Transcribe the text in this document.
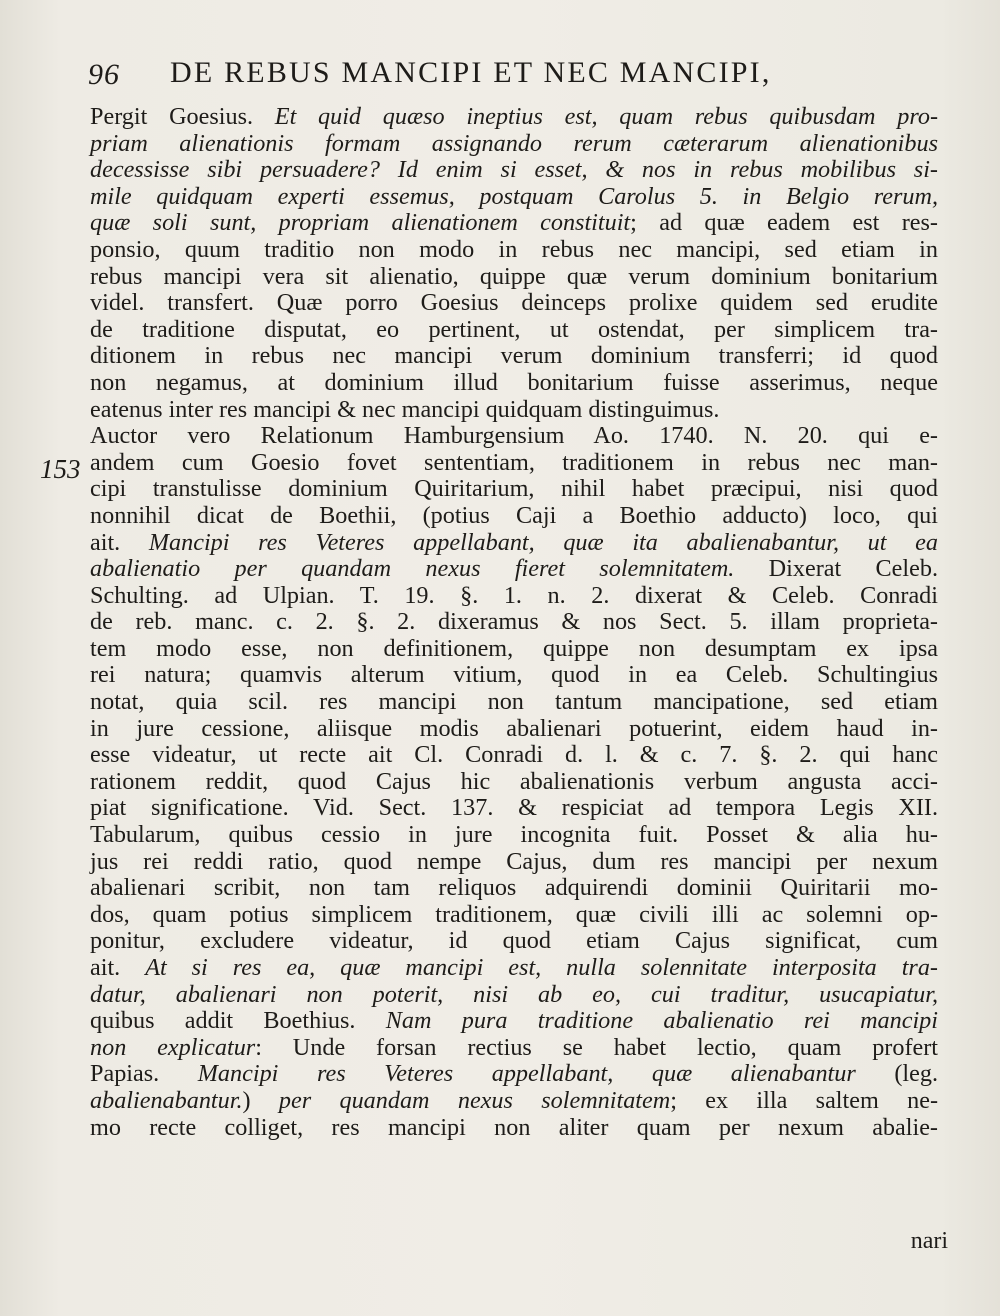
96 DE REBUS MANCIPI ET NEC MANCIPI,
153
Pergit Goesius. Et quid quæso ineptius est, quam rebus quibusdam pro-
priam alienationis formam assignando rerum cæterarum alienationibus
decessisse sibi persuadere? Id enim si esset, & nos in rebus mobilibus si-
mile quidquam experti essemus, postquam Carolus 5. in Belgio rerum,
quæ soli sunt, propriam alienationem constituit; ad quæ eadem est res-
ponsio, quum traditio non modo in rebus nec mancipi, sed etiam in
rebus mancipi vera sit alienatio, quippe quæ verum dominium bonitarium
videl. transfert. Quæ porro Goesius deinceps prolixe quidem sed erudite
de traditione disputat, eo pertinent, ut ostendat, per simplicem tra-
ditionem in rebus nec mancipi verum dominium transferri; id quod
non negamus, at dominium illud bonitarium fuisse asserimus, neque
eatenus inter res mancipi & nec mancipi quidquam distinguimus.
Auctor vero Relationum Hamburgensium Ao. 1740. N. 20. qui e-
andem cum Goesio fovet sententiam, traditionem in rebus nec man-
cipi transtulisse dominium Quiritarium, nihil habet præcipui, nisi quod
nonnihil dicat de Boethii, (potius Caji a Boethio adducto) loco, qui
ait. Mancipi res Veteres appellabant, quæ ita abalienabantur, ut ea
abalienatio per quandam nexus fieret solemnitatem. Dixerat Celeb.
Schulting. ad Ulpian. T. 19. §. 1. n. 2. dixerat & Celeb. Conradi
de reb. manc. c. 2. §. 2. dixeramus & nos Sect. 5. illam proprieta-
tem modo esse, non definitionem, quippe non desumptam ex ipsa
rei natura; quamvis alterum vitium, quod in ea Celeb. Schultingius
notat, quia scil. res mancipi non tantum mancipatione, sed etiam
in jure cessione, aliisque modis abalienari potuerint, eidem haud in-
esse videatur, ut recte ait Cl. Conradi d. l. & c. 7. §. 2. qui hanc
rationem reddit, quod Cajus hic abalienationis verbum angusta acci-
piat significatione. Vid. Sect. 137. & respiciat ad tempora Legis XII.
Tabularum, quibus cessio in jure incognita fuit. Posset & alia hu-
jus rei reddi ratio, quod nempe Cajus, dum res mancipi per nexum
abalienari scribit, non tam reliquos adquirendi dominii Quiritarii mo-
dos, quam potius simplicem traditionem, quæ civili illi ac solemni op-
ponitur, excludere videatur, id quod etiam Cajus significat, cum
ait. At si res ea, quæ mancipi est, nulla solennitate interposita tra-
datur, abalienari non poterit, nisi ab eo, cui traditur, usucapiatur,
quibus addit Boethius. Nam pura traditione abalienatio rei mancipi
non explicatur: Unde forsan rectius se habet lectio, quam profert
Papias. Mancipi res Veteres appellabant, quæ alienabantur (leg.
abalienabantur.) per quandam nexus solemnitatem; ex illa saltem ne-
mo recte colliget, res mancipi non aliter quam per nexum abalie-
nari
